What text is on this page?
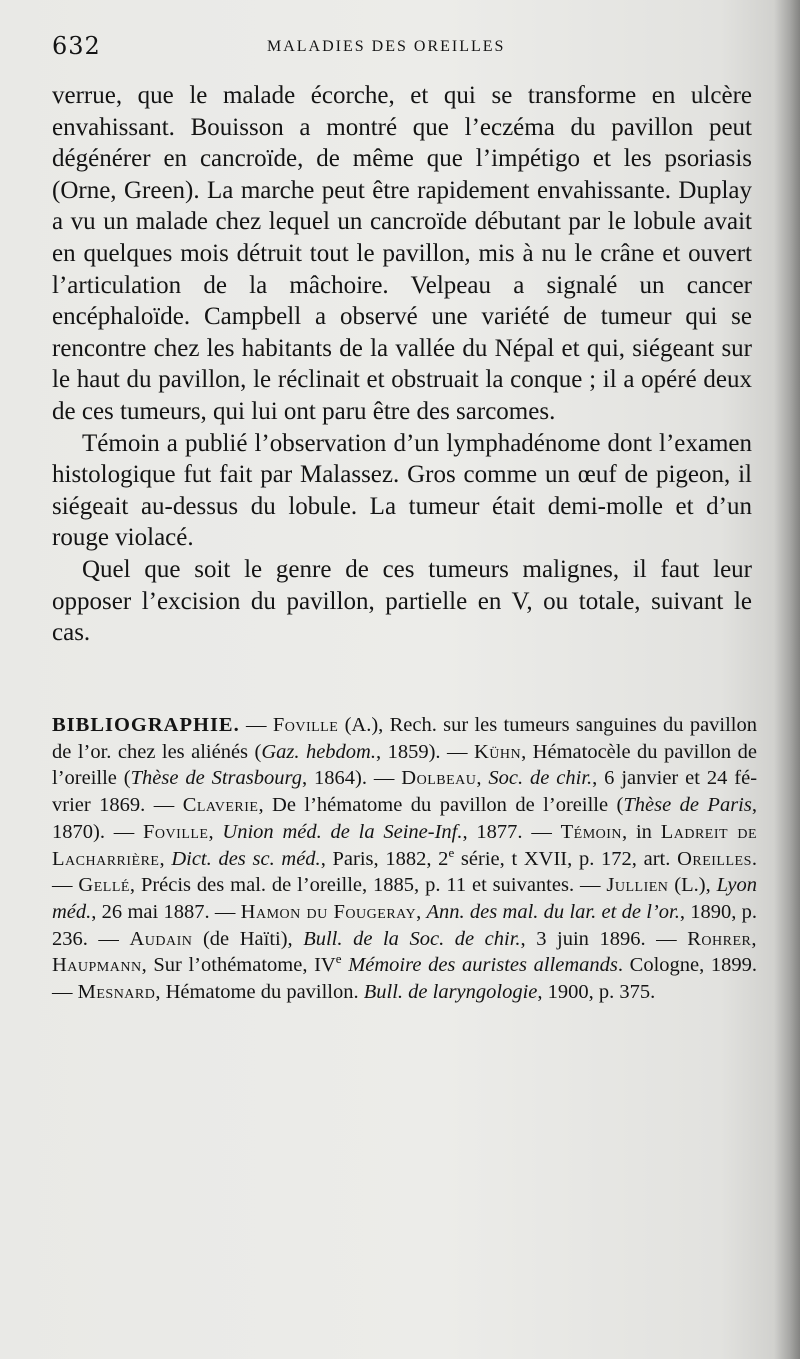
632	MALADIES DES OREILLES

verrue, que le malade écorche, et qui se transforme en ulcère envahissant. Bouisson a montré que l’eczéma du pavillon peut dégénérer en cancroïde, de même que l’impétigo et les psoriasis (Orne, Green). La marche peut être rapidement envahissante. Duplay a vu un malade chez lequel un cancroïde débutant par le lobule avait en quelques mois détruit tout le pavillon, mis à nu le crâne et ouvert l’articulation de la mâchoire. Velpeau a signalé un cancer encéphaloïde. Campbell a observé une variété de tumeur qui se rencontre chez les habitants de la vallée du Népal et qui, siégeant sur le haut du pavillon, le réclinait et obstruait la conque ; il a opéré deux de ces tumeurs, qui lui ont paru être des sarcomes.

Témoin a publié l’observation d’un lymphadénome dont l’examen histologique fut fait par Malassez. Gros comme un œuf de pigeon, il siégeait au-dessus du lobule. La tumeur était demi-molle et d’un rouge violacé.

Quel que soit le genre de ces tumeurs malignes, il faut leur opposer l’excision du pavillon, partielle en V, ou totale, suivant le cas.

BIBLIOGRAPHIE. — Foville (A.), Rech. sur les tumeurs sanguines du pavillon de l’or. chez les aliénés (Gaz. hebdom., 1859). — Kühn, Hématocèle du pavillon de l’oreille (Thèse de Strasbourg, 1864). — Dolbeau, Soc. de chir., 6 janvier et 24 février 1869. — Claverie, De l’hématome du pavillon de l’oreille (Thèse de Paris, 1870). — Foville, Union méd. de la Seine-Inf., 1877. — Témoin, in Ladreit de Lacharrière, Dict. des sc. méd., Paris, 1882, 2e série, t XVII, p. 172, art. Oreilles. — Gellé, Précis des mal. de l’oreille, 1885, p. 11 et suivantes. — Jullien (L.), Lyon méd., 26 mai 1887. — Hamon du Fougeray, Ann. des mal. du lar. et de l’or., 1890, p. 236. — Audain (de Haïti), Bull. de la Soc. de chir., 3 juin 1896. — Rohrer, Haupmann, Sur l’othématome, IVe Mémoire des auristes allemands. Cologne, 1899. — Mesnard, Hématome du pavillon. Bull. de laryngologie, 1900, p. 375.
